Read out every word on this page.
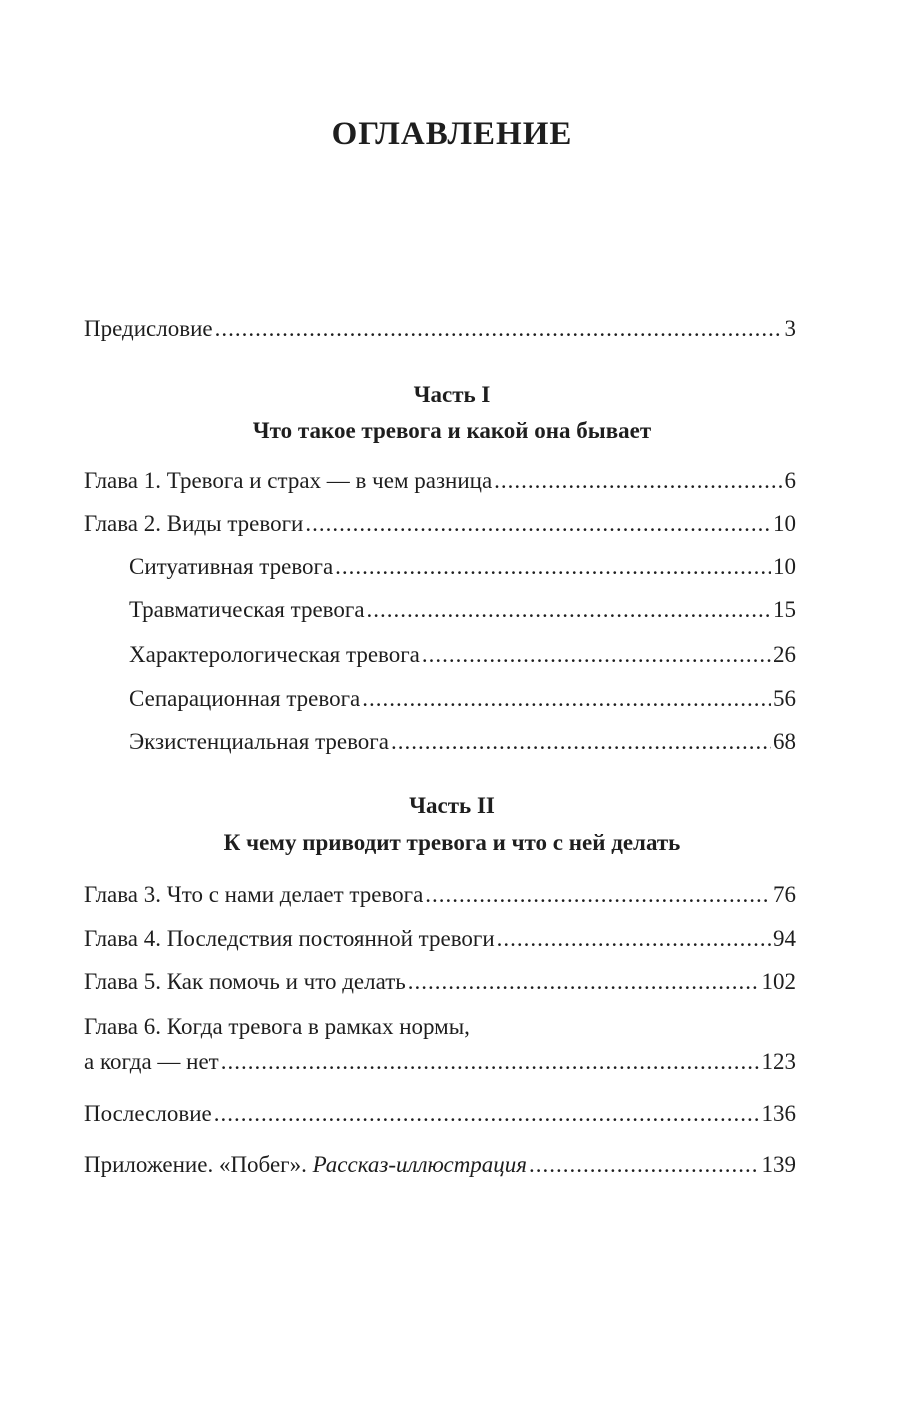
ОГЛАВЛЕНИЕ
Предисловие .....	3
Часть I
Что такое тревога и какой она бывает
Глава 1. Тревога и страх — в чем разница .....	6
Глава 2. Виды тревоги .....	10
Ситуативная тревога .....	10
Травматическая тревога .....	15
Характерологическая тревога .....	26
Сепарационная тревога .....	56
Экзистенциальная тревога .....	68
Часть II
К чему приводит тревога и что с ней делать
Глава 3. Что с нами делает тревога .....	76
Глава 4. Последствия постоянной тревоги .....	94
Глава 5. Как помочь и что делать .....	102
Глава 6. Когда тревога в рамках нормы,
а когда — нет .....	123
Послесловие .....	136
Приложение. «Побег». Рассказ-иллюстрация .....	139
